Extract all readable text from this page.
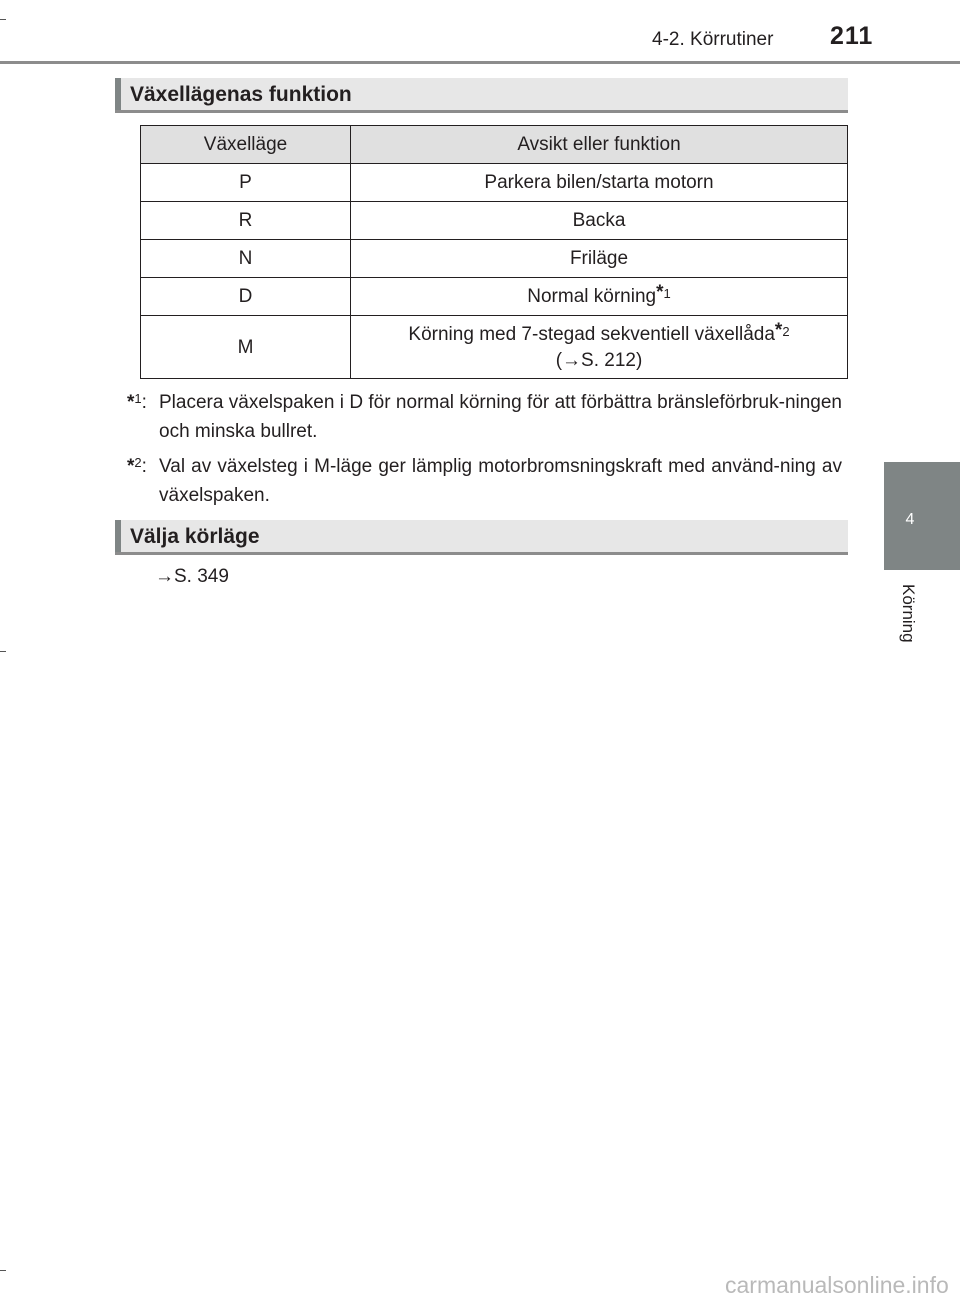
4-2. Körrutiner 211
4
Körning
Växellägenas funktion
Växelläge	Avsikt eller funktion
P	Parkera bilen/starta motorn
R	Backa
N	Friläge
D	Normal körning$^{*1}$
M	Körning med 7-stegad sekventiell växellåda$^{*2}$
(→S. 212)
*$^1$: Placera växelspaken i D för normal körning för att förbättra bränsleförbruk-ningen och minska bullret.
*$^2$: Val av växelsteg i M-läge ger lämplig motorbromsningskraft med använd-ning av växelspaken.
Välja körläge
→S. 349
carmanualsonline.info
